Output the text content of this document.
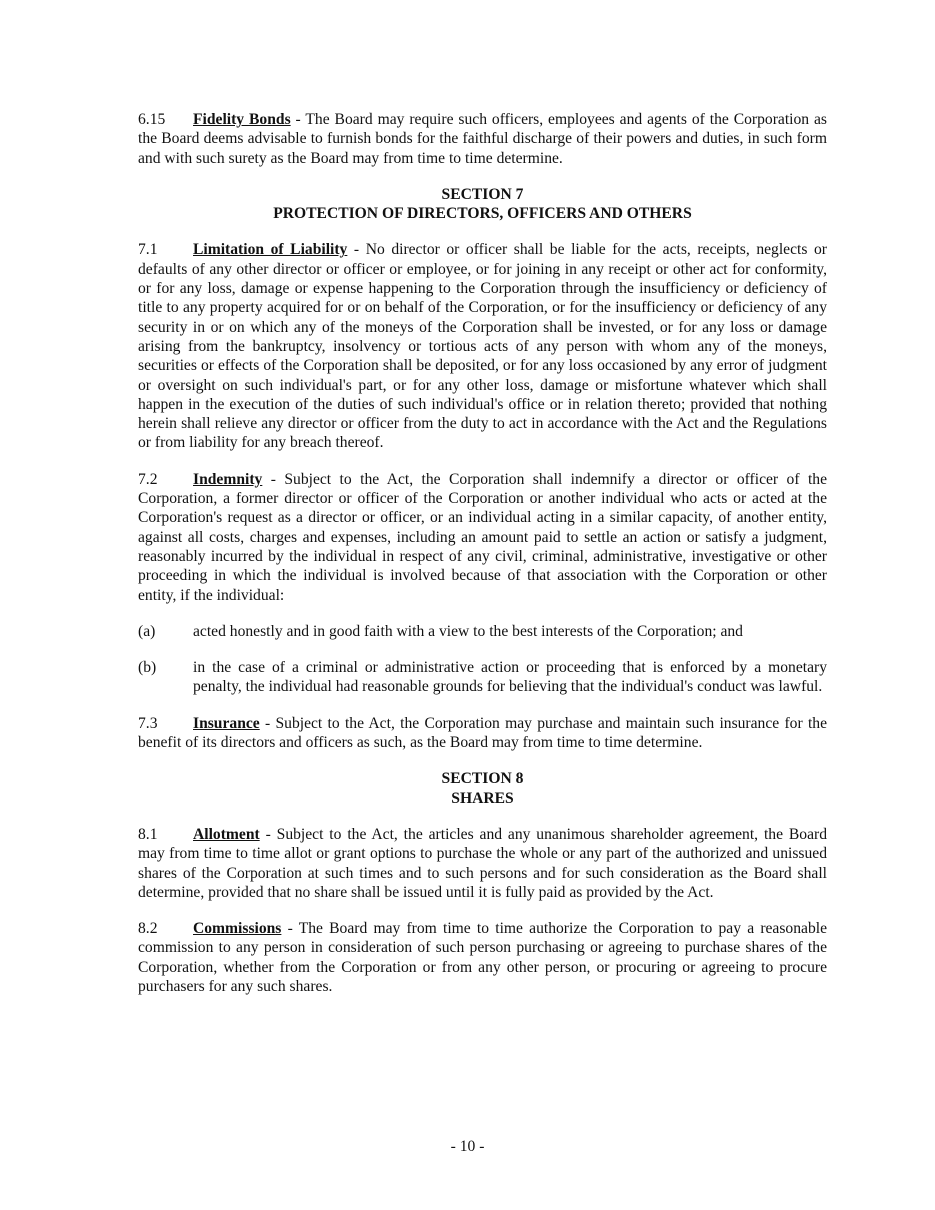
6.15 Fidelity Bonds - The Board may require such officers, employees and agents of the Corporation as the Board deems advisable to furnish bonds for the faithful discharge of their powers and duties, in such form and with such surety as the Board may from time to time determine.

SECTION 7
PROTECTION OF DIRECTORS, OFFICERS AND OTHERS

7.1 Limitation of Liability - No director or officer shall be liable for the acts, receipts, neglects or defaults of any other director or officer or employee, or for joining in any receipt or other act for conformity, or for any loss, damage or expense happening to the Corporation through the insufficiency or deficiency of title to any property acquired for or on behalf of the Corporation, or for the insufficiency or deficiency of any security in or on which any of the moneys of the Corporation shall be invested, or for any loss or damage arising from the bankruptcy, insolvency or tortious acts of any person with whom any of the moneys, securities or effects of the Corporation shall be deposited, or for any loss occasioned by any error of judgment or oversight on such individual's part, or for any other loss, damage or misfortune whatever which shall happen in the execution of the duties of such individual's office or in relation thereto; provided that nothing herein shall relieve any director or officer from the duty to act in accordance with the Act and the Regulations or from liability for any breach thereof.

7.2 Indemnity - Subject to the Act, the Corporation shall indemnify a director or officer of the Corporation, a former director or officer of the Corporation or another individual who acts or acted at the Corporation's request as a director or officer, or an individual acting in a similar capacity, of another entity, against all costs, charges and expenses, including an amount paid to settle an action or satisfy a judgment, reasonably incurred by the individual in respect of any civil, criminal, administrative, investigative or other proceeding in which the individual is involved because of that association with the Corporation or other entity, if the individual:

(a) acted honestly and in good faith with a view to the best interests of the Corporation; and
(b) in the case of a criminal or administrative action or proceeding that is enforced by a monetary penalty, the individual had reasonable grounds for believing that the individual's conduct was lawful.

7.3 Insurance - Subject to the Act, the Corporation may purchase and maintain such insurance for the benefit of its directors and officers as such, as the Board may from time to time determine.

SECTION 8
SHARES

8.1 Allotment - Subject to the Act, the articles and any unanimous shareholder agreement, the Board may from time to time allot or grant options to purchase the whole or any part of the authorized and unissued shares of the Corporation at such times and to such persons and for such consideration as the Board shall determine, provided that no share shall be issued until it is fully paid as provided by the Act.

8.2 Commissions - The Board may from time to time authorize the Corporation to pay a reasonable commission to any person in consideration of such person purchasing or agreeing to purchase shares of the Corporation, whether from the Corporation or from any other person, or procuring or agreeing to procure purchasers for any such shares.

- 10 -
